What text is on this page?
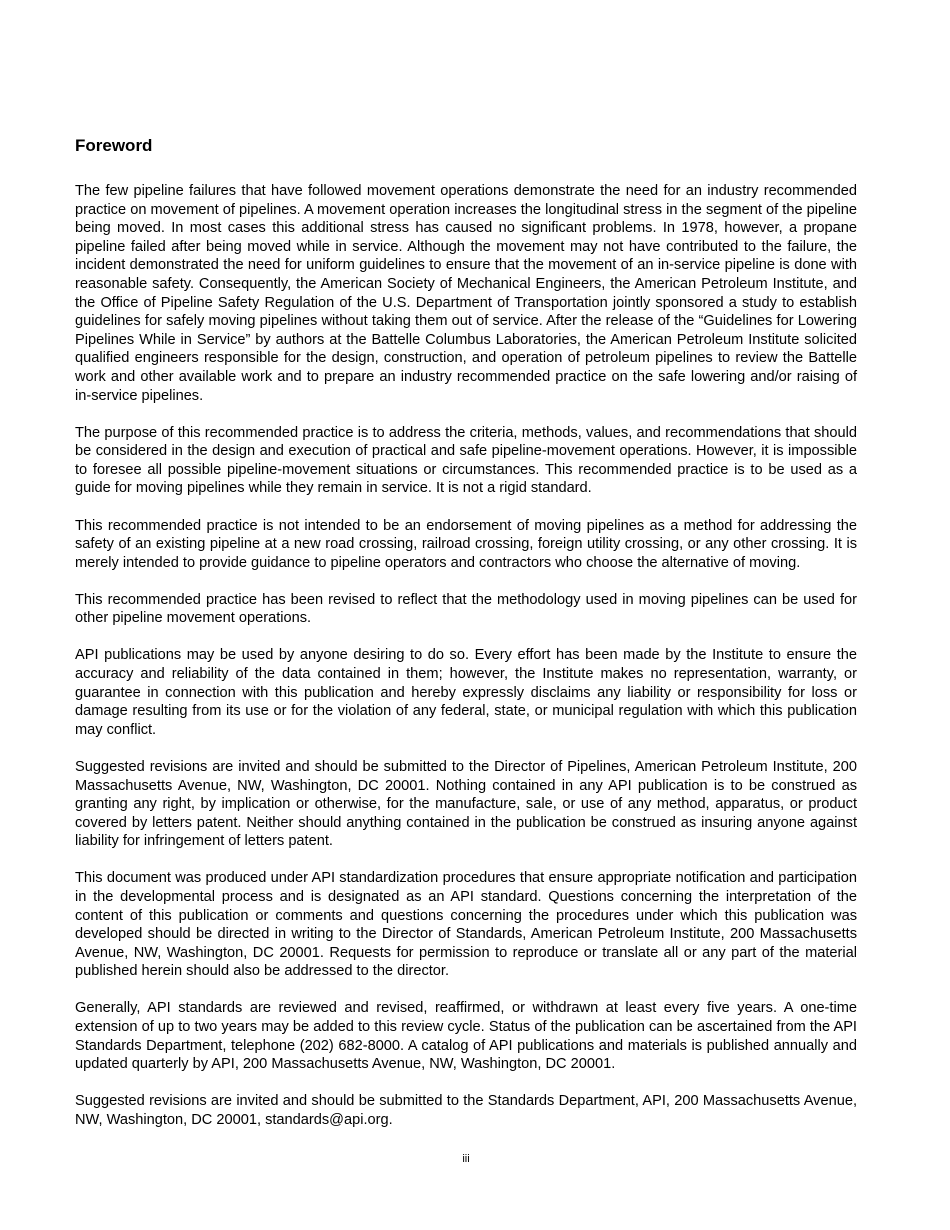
Foreword

The few pipeline failures that have followed movement operations demonstrate the need for an industry recommended practice on movement of pipelines. A movement operation increases the longitudinal stress in the segment of the pipeline being moved. In most cases this additional stress has caused no significant problems. In 1978, however, a propane pipeline failed after being moved while in service. Although the movement may not have contributed to the failure, the incident demonstrated the need for uniform guidelines to ensure that the movement of an in-service pipeline is done with reasonable safety. Consequently, the American Society of Mechanical Engineers, the American Petroleum Institute, and the Office of Pipeline Safety Regulation of the U.S. Department of Transportation jointly sponsored a study to establish guidelines for safely moving pipelines without taking them out of service. After the release of the “Guidelines for Lowering Pipelines While in Service” by authors at the Battelle Columbus Laboratories, the American Petroleum Institute solicited qualified engineers responsible for the design, construction, and operation of petroleum pipelines to review the Battelle work and other available work and to prepare an industry recommended practice on the safe lowering and/or raising of in-service pipelines.

The purpose of this recommended practice is to address the criteria, methods, values, and recommendations that should be considered in the design and execution of practical and safe pipeline-movement operations. However, it is impossible to foresee all possible pipeline-movement situations or circumstances. This recommended practice is to be used as a guide for moving pipelines while they remain in service. It is not a rigid standard.

This recommended practice is not intended to be an endorsement of moving pipelines as a method for addressing the safety of an existing pipeline at a new road crossing, railroad crossing, foreign utility crossing, or any other crossing. It is merely intended to provide guidance to pipeline operators and contractors who choose the alternative of moving.

This recommended practice has been revised to reflect that the methodology used in moving pipelines can be used for other pipeline movement operations.

API publications may be used by anyone desiring to do so. Every effort has been made by the Institute to ensure the accuracy and reliability of the data contained in them; however, the Institute makes no representation, warranty, or guarantee in connection with this publication and hereby expressly disclaims any liability or responsibility for loss or damage resulting from its use or for the violation of any federal, state, or municipal regulation with which this publication may conflict.

Suggested revisions are invited and should be submitted to the Director of Pipelines, American Petroleum Institute, 200 Massachusetts Avenue, NW, Washington, DC 20001. Nothing contained in any API publication is to be construed as granting any right, by implication or otherwise, for the manufacture, sale, or use of any method, apparatus, or product covered by letters patent. Neither should anything contained in the publication be construed as insuring anyone against liability for infringement of letters patent.

This document was produced under API standardization procedures that ensure appropriate notification and participation in the developmental process and is designated as an API standard. Questions concerning the interpretation of the content of this publication or comments and questions concerning the procedures under which this publication was developed should be directed in writing to the Director of Standards, American Petroleum Institute, 200 Massachusetts Avenue, NW, Washington, DC 20001. Requests for permission to reproduce or translate all or any part of the material published herein should also be addressed to the director.

Generally, API standards are reviewed and revised, reaffirmed, or withdrawn at least every five years. A one-time extension of up to two years may be added to this review cycle. Status of the publication can be ascertained from the API Standards Department, telephone (202) 682-8000. A catalog of API publications and materials is published annually and updated quarterly by API, 200 Massachusetts Avenue, NW, Washington, DC 20001.

Suggested revisions are invited and should be submitted to the Standards Department, API, 200 Massachusetts Avenue, NW, Washington, DC 20001, standards@api.org.

iii
